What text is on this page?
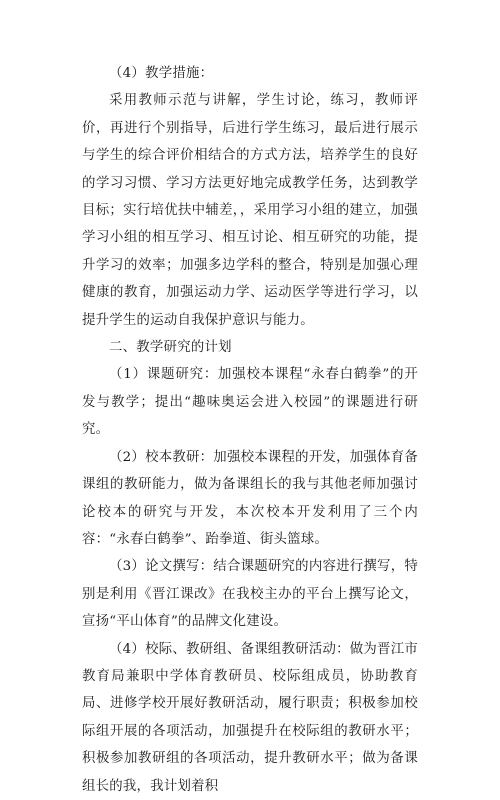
（4）教学措施：

采用教师示范与讲解，学生讨论，练习，教师评价，再进行个别指导，后进行学生练习，最后进行展示与学生的综合评价相结合的方式方法，培养学生的良好的学习习惯、学习方法更好地完成教学任务，达到教学目标；实行培优扶中辅差，，采用学习小组的建立，加强学习小组的相互学习、相互讨论、相互研究的功能，提升学习的效率；加强多边学科的整合，特别是加强心理健康的教育，加强运动力学、运动医学等进行学习，以提升学生的运动自我保护意识与能力。

二、教学研究的计划

（1）课题研究：加强校本课程“永春白鹤拳”的开发与教学；提出“趣味奥运会进入校园”的课题进行研究。

（2）校本教研：加强校本课程的开发，加强体育备课组的教研能力，做为备课组长的我与其他老师加强讨论校本的研究与开发，本次校本开发利用了三个内容：“永春白鹤拳”、跆拳道、街头篮球。

（3）论文撰写：结合课题研究的内容进行撰写，特别是利用《晋江课改》在我校主办的平台上撰写论文，宣扬“平山体育”的品牌文化建设。

（4）校际、教研组、备课组教研活动：做为晋江市教育局兼职中学体育教研员、校际组成员，协助教育局、进修学校开展好教研活动，履行职责；积极参加校际组开展的各项活动，加强提升在校际组的教研水平；积极参加教研组的各项活动，提升教研水平；做为备课组长的我，我计划着积
